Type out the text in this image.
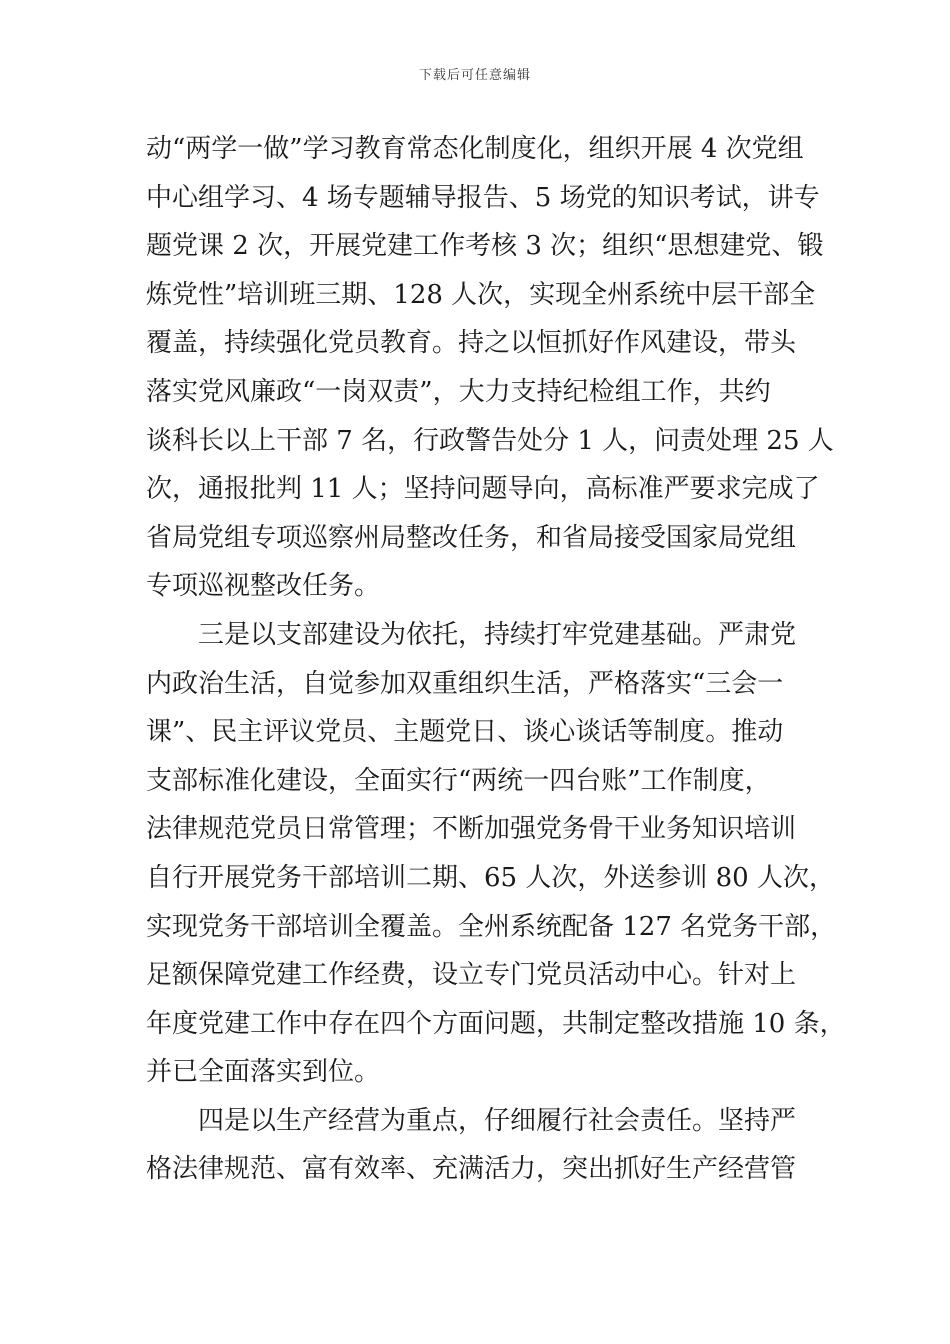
下载后可任意编辑
动“两学一做”学习教育常态化制度化，组织开展 4 次党组
中心组学习、4 场专题辅导报告、5 场党的知识考试，讲专
题党课 2 次，开展党建工作考核 3 次；组织“思想建党、锻
炼党性”培训班三期、128 人次，实现全州系统中层干部全
覆盖，持续强化党员教育。持之以恒抓好作风建设，带头
落实党风廉政“一岗双责”，大力支持纪检组工作，共约
谈科长以上干部 7 名，行政警告处分 1 人，问责处理 25 人
次，通报批判 11 人；坚持问题导向，高标准严要求完成了
省局党组专项巡察州局整改任务，和省局接受国家局党组
专项巡视整改任务。
三是以支部建设为依托，持续打牢党建基础。严肃党
内政治生活，自觉参加双重组织生活，严格落实“三会一
课”、民主评议党员、主题党日、谈心谈话等制度。推动
支部标准化建设，全面实行“两统一四台账”工作制度，
法律规范党员日常管理；不断加强党务骨干业务知识培训
自行开展党务干部培训二期、65 人次，外送参训 80 人次，
实现党务干部培训全覆盖。全州系统配备 127 名党务干部，
足额保障党建工作经费，设立专门党员活动中心。针对上
年度党建工作中存在四个方面问题，共制定整改措施 10 条，
并已全面落实到位。
四是以生产经营为重点，仔细履行社会责任。坚持严
格法律规范、富有效率、充满活力，突出抓好生产经营管
